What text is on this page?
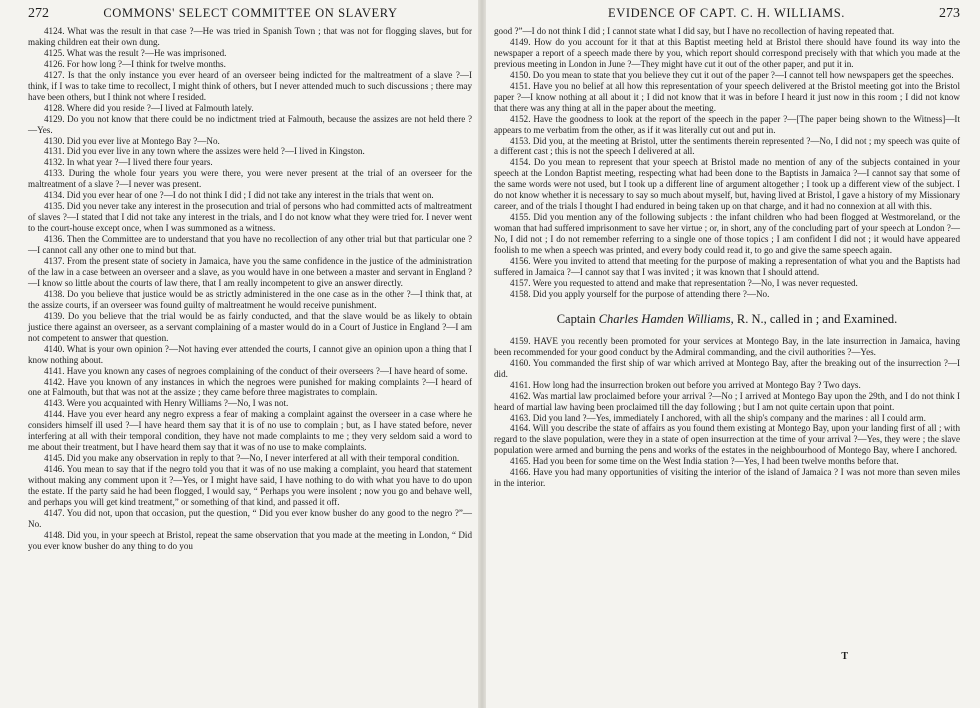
272	COMMONS' SELECT COMMITTEE ON SLAVERY

4124. What was the result in that case ?—He was tried in Spanish Town ; that was not for flogging slaves, but for making children eat their own dung.

4125. What was the result ?—He was imprisoned.

4126. For how long ?—I think for twelve months.

4127. Is that the only instance you ever heard of an overseer being indicted for the maltreatment of a slave ?—I think, if I was to take time to recollect, I might think of others, but I never attended much to such discussions ; there may have been others, but I think not where I resided.

4128. Where did you reside ?—I lived at Falmouth lately.

4129. Do you not know that there could be no indictment tried at Falmouth, because the assizes are not held there ?—Yes.

4130. Did you ever live at Montego Bay ?—No.

4131. Did you ever live in any town where the assizes were held ?—I lived in Kingston.

4132. In what year ?—I lived there four years.

4133. During the whole four years you were there, you were never present at the trial of an overseer for the maltreatment of a slave ?—I never was present.

4134. Did you ever hear of one ?—I do not think I did ; I did not take any interest in the trials that went on.

4135. Did you never take any interest in the prosecution and trial of persons who had committed acts of maltreatment of slaves ?—I stated that I did not take any interest in the trials, and I do not know what they were tried for. I never went to the court-house except once, when I was summoned as a witness.

4136. Then the Committee are to understand that you have no recollection of any other trial but that particular one ?—I cannot call any other one to mind but that.

4137. From the present state of society in Jamaica, have you the same confidence in the justice of the administration of the law in a case between an overseer and a slave, as you would have in one between a master and servant in England ?—I know so little about the courts of law there, that I am really incompetent to give an answer directly.

4138. Do you believe that justice would be as strictly administered in the one case as in the other ?—I think that, at the assize courts, if an overseer was found guilty of maltreatment he would receive punishment.

4139. Do you believe that the trial would be as fairly conducted, and that the slave would be as likely to obtain justice there against an overseer, as a servant complaining of a master would do in a Court of Justice in England ?—I am not competent to answer that question.

4140. What is your own opinion ?—Not having ever attended the courts, I cannot give an opinion upon a thing that I know nothing about.

4141. Have you known any cases of negroes complaining of the conduct of their overseers ?—I have heard of some.

4142. Have you known of any instances in which the negroes were punished for making complaints ?—I heard of one at Falmouth, but that was not at the assize ; they came before three magistrates to complain.

4143. Were you acquainted with Henry Williams ?—No, I was not.

4144. Have you ever heard any negro express a fear of making a complaint against the overseer in a case where he considers himself ill used ?—I have heard them say that it is of no use to complain ; but, as I have stated before, never interfering at all with their temporal condition, they have not made complaints to me ; they very seldom said a word to me about their treatment, but I have heard them say that it was of no use to make complaints.

4145. Did you make any observation in reply to that ?—No, I never interfered at all with their temporal condition.

4146. You mean to say that if the negro told you that it was of no use making a complaint, you heard that statement without making any comment upon it ?—Yes, or I might have said, I have nothing to do with what you have to do upon the estate. If the party said he had been flogged, I would say, “ Perhaps you were insolent ; now you go and behave well, and perhaps you will get kind treatment,” or something of that kind, and passed it off.

4147. You did not, upon that occasion, put the question, “ Did you ever know busher do any good to the negro ?”—No.

4148. Did you, in your speech at Bristol, repeat the same observation that you made at the meeting in London, “ Did you ever know busher do any thing to do you

EVIDENCE OF CAPT. C. H. WILLIAMS.	273

good ?”—I do not think I did ; I cannot state what I did say, but I have no recollection of having repeated that.

4149. How do you account for it that at this Baptist meeting held at Bristol there should have found its way into the newspaper a report of a speech made there by you, which report should correspond precisely with that which you made at the previous meeting in London in June ?—They might have cut it out of the other paper, and put it in.

4150. Do you mean to state that you believe they cut it out of the paper ?—I cannot tell how newspapers get the speeches.

4151. Have you no belief at all how this representation of your speech delivered at the Bristol meeting got into the Bristol paper ?—I know nothing at all about it ; I did not know that it was in before I heard it just now in this room ; I did not know that there was any thing at all in the paper about the meeting.

4152. Have the goodness to look at the report of the speech in the paper ?—[The paper being shown to the Witness]—It appears to me verbatim from the other, as if it was literally cut out and put in.

4153. Did you, at the meeting at Bristol, utter the sentiments therein represented ?—No, I did not ; my speech was quite of a different cast ; this is not the speech I delivered at all.

4154. Do you mean to represent that your speech at Bristol made no mention of any of the subjects contained in your speech at the London Baptist meeting, respecting what had been done to the Baptists in Jamaica ?—I cannot say that some of the same words were not used, but I took up a different line of argument altogether ; I took up a different view of the subject. I do not know whether it is necessary to say so much about myself, but, having lived at Bristol, I gave a history of my Missionary career, and of the trials I thought I had endured in being taken up on that charge, and it had no connexion at all with this.

4155. Did you mention any of the following subjects : the infant children who had been flogged at Westmoreland, or the woman that had suffered imprisonment to save her virtue ; or, in short, any of the concluding part of your speech at London ?—No, I did not ; I do not remember referring to a single one of those topics ; I am confident I did not ; it would have appeared foolish to me when a speech was printed, and every body could read it, to go and give the same speech again.

4156. Were you invited to attend that meeting for the purpose of making a representation of what you and the Baptists had suffered in Jamaica ?—I cannot say that I was invited ; it was known that I should attend.

4157. Were you requested to attend and make that representation ?—No, I was never requested.

4158. Did you apply yourself for the purpose of attending there ?—No.

Captain Charles Hamden Williams, R. N., called in ; and Examined.

4159. HAVE you recently been promoted for your services at Montego Bay, in the late insurrection in Jamaica, having been recommended for your good conduct by the Admiral commanding, and the civil authorities ?—Yes.

4160. You commanded the first ship of war which arrived at Montego Bay, after the breaking out of the insurrection ?—I did.

4161. How long had the insurrection broken out before you arrived at Montego Bay ? Two days.

4162. Was martial law proclaimed before your arrival ?—No ; I arrived at Montego Bay upon the 29th, and I do not think I heard of martial law having been proclaimed till the day following ; but I am not quite certain upon that point.

4163. Did you land ?—Yes, immediately I anchored, with all the ship's company and the marines : all I could arm.

4164. Will you describe the state of affairs as you found them existing at Montego Bay, upon your landing first of all ; with regard to the slave population, were they in a state of open insurrection at the time of your arrival ?—Yes, they were ; the slave population were armed and burning the pens and works of the estates in the neighbourhood of Montego Bay, where I anchored.

4165. Had you been for some time on the West India station ?—Yes, I had been twelve months before that.

4166. Have you had many opportunities of visiting the interior of the island of Jamaica ? I was not more than seven miles in the interior.

T
